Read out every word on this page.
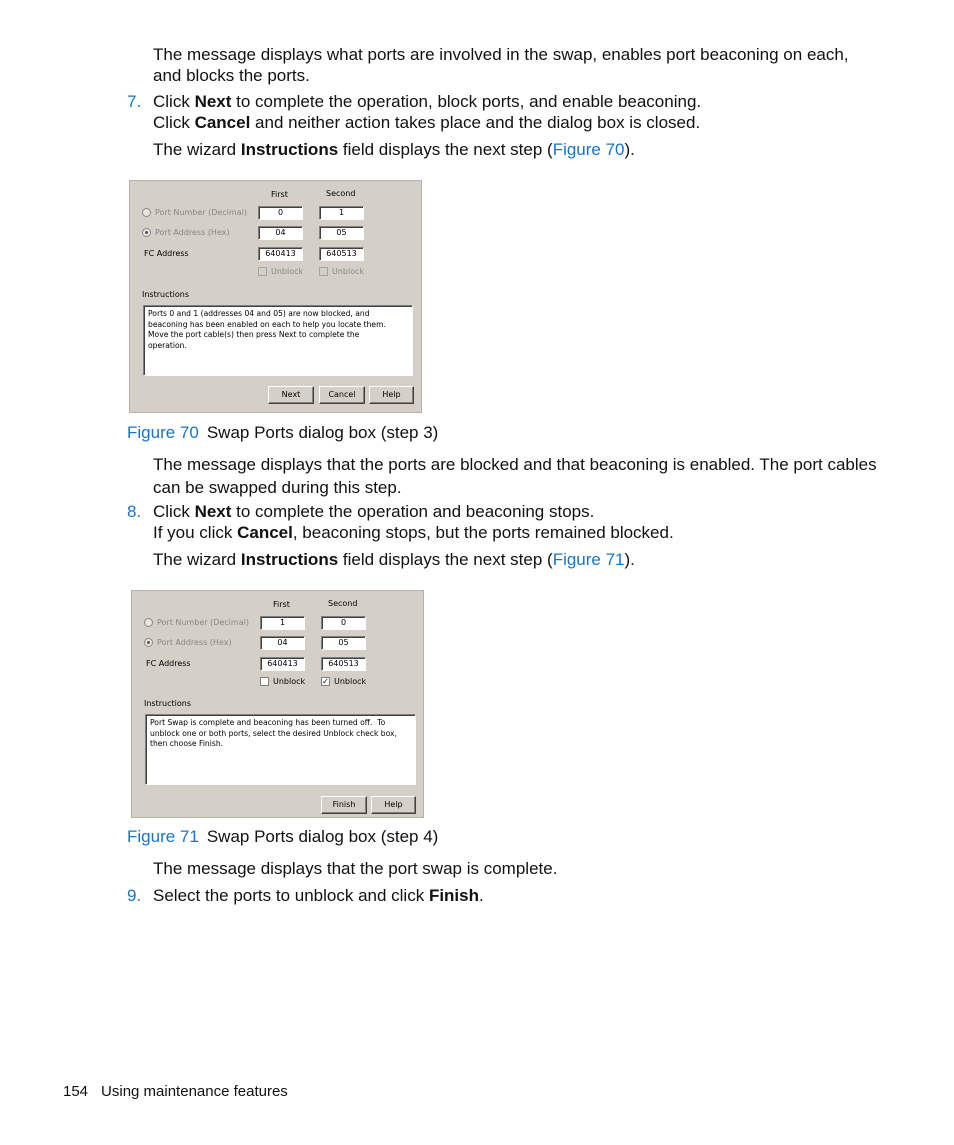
The message displays what ports are involved in the swap, enables port beaconing on each,
and blocks the ports.
7. Click Next to complete the operation, block ports, and enable beaconing.
Click Cancel and neither action takes place and the dialog box is closed.
The wizard Instructions field displays the next step (Figure 70).
First	Second
Port Number (Decimal)	0	1
Port Address (Hex)	04	05
FC Address	640413	640513
Unblock	Unblock
Instructions
Ports 0 and 1 (addresses 04 and 05) are now blocked, and
beaconing has been enabled on each to help you locate them.
Move the port cable(s) then press Next to complete the
operation.
Next	Cancel	Help
Figure 70 Swap Ports dialog box (step 3)
The message displays that the ports are blocked and that beaconing is enabled. The port cables
can be swapped during this step.
8. Click Next to complete the operation and beaconing stops.
If you click Cancel, beaconing stops, but the ports remained blocked.
The wizard Instructions field displays the next step (Figure 71).
First	Second
Port Number (Decimal)	1	0
Port Address (Hex)	04	05
FC Address	640413	640513
Unblock ✓ Unblock
Instructions
Port Swap is complete and beaconing has been turned off.  To
unblock one or both ports, select the desired Unblock check box,
then choose Finish.
Finish	Help
Figure 71 Swap Ports dialog box (step 4)
The message displays that the port swap is complete.
9. Select the ports to unblock and click Finish.
154 Using maintenance features
